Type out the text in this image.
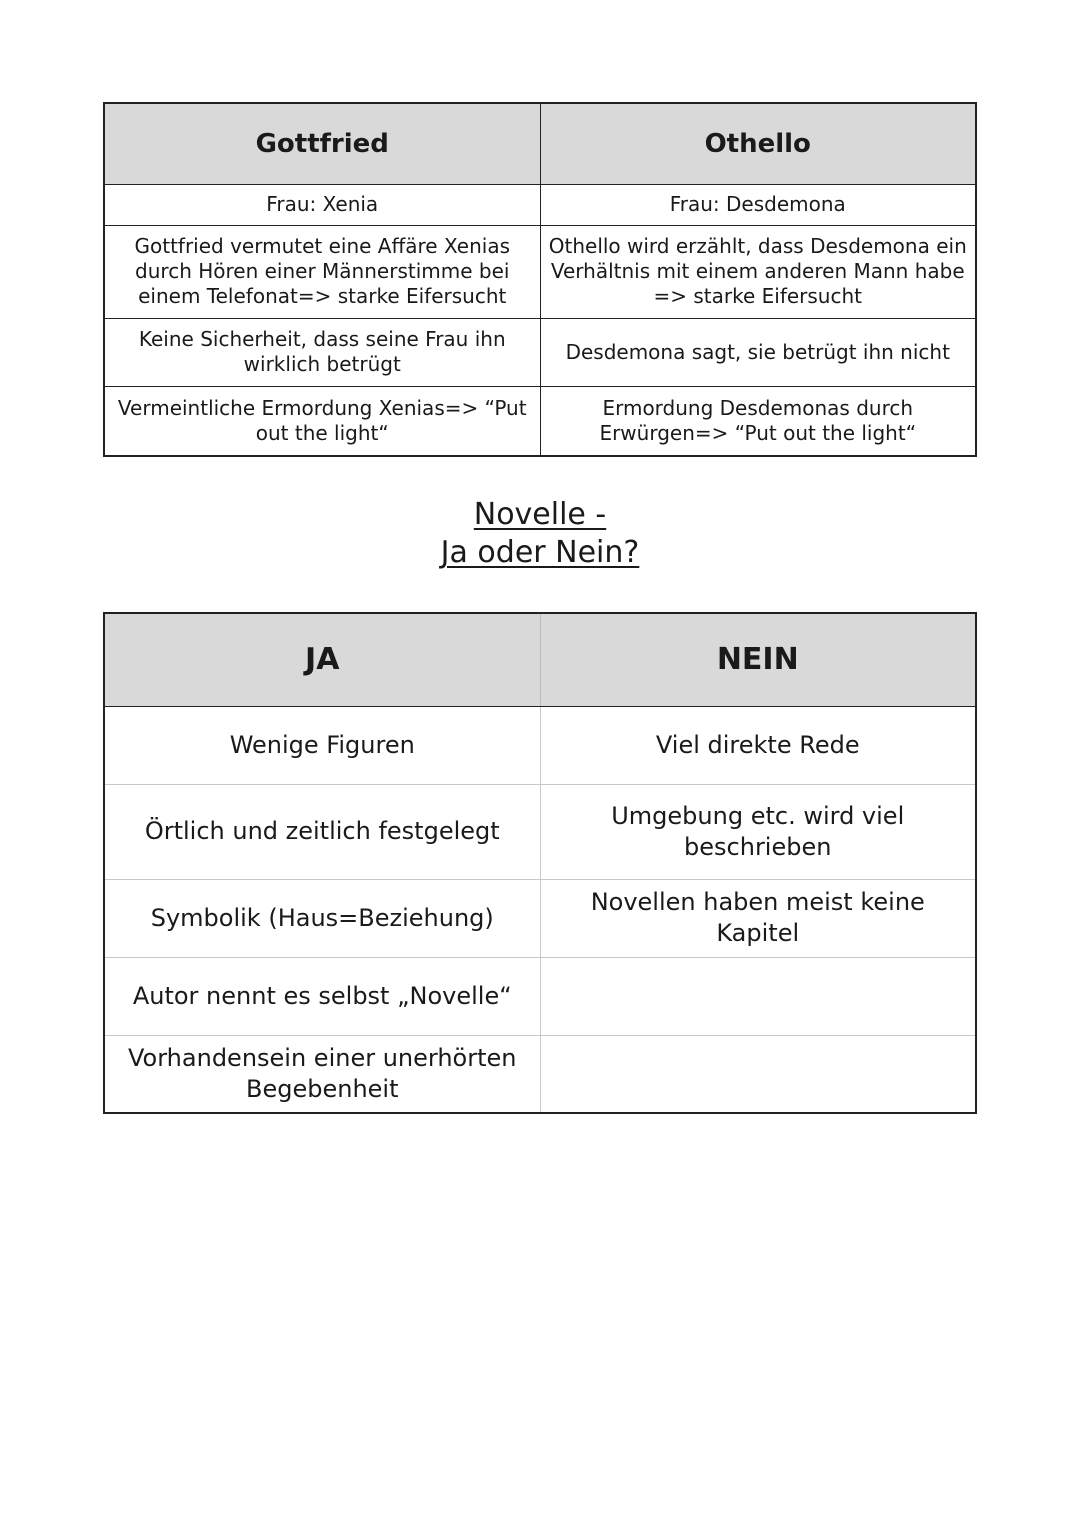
Gottfried	Othello
Frau: Xenia	Frau: Desdemona
Gottfried vermutet eine Affäre Xenias durch Hören einer Männerstimme bei einem Telefonat=> starke Eifersucht	Othello wird erzählt, dass Desdemona ein Verhältnis mit einem anderen Mann habe => starke Eifersucht
Keine Sicherheit, dass seine Frau ihn wirklich betrügt	Desdemona sagt, sie betrügt ihn nicht
Vermeintliche Ermordung Xenias=> “Put out the light“	Ermordung Desdemonas durch Erwürgen=> “Put out the light“
Novelle -
Ja oder Nein?
JA	NEIN
Wenige Figuren	Viel direkte Rede
Örtlich und zeitlich festgelegt	Umgebung etc. wird viel beschrieben
Symbolik (Haus=Beziehung)	Novellen haben meist keine Kapitel
Autor nennt es selbst „Novelle“	
Vorhandensein einer unerhörten Begebenheit	
